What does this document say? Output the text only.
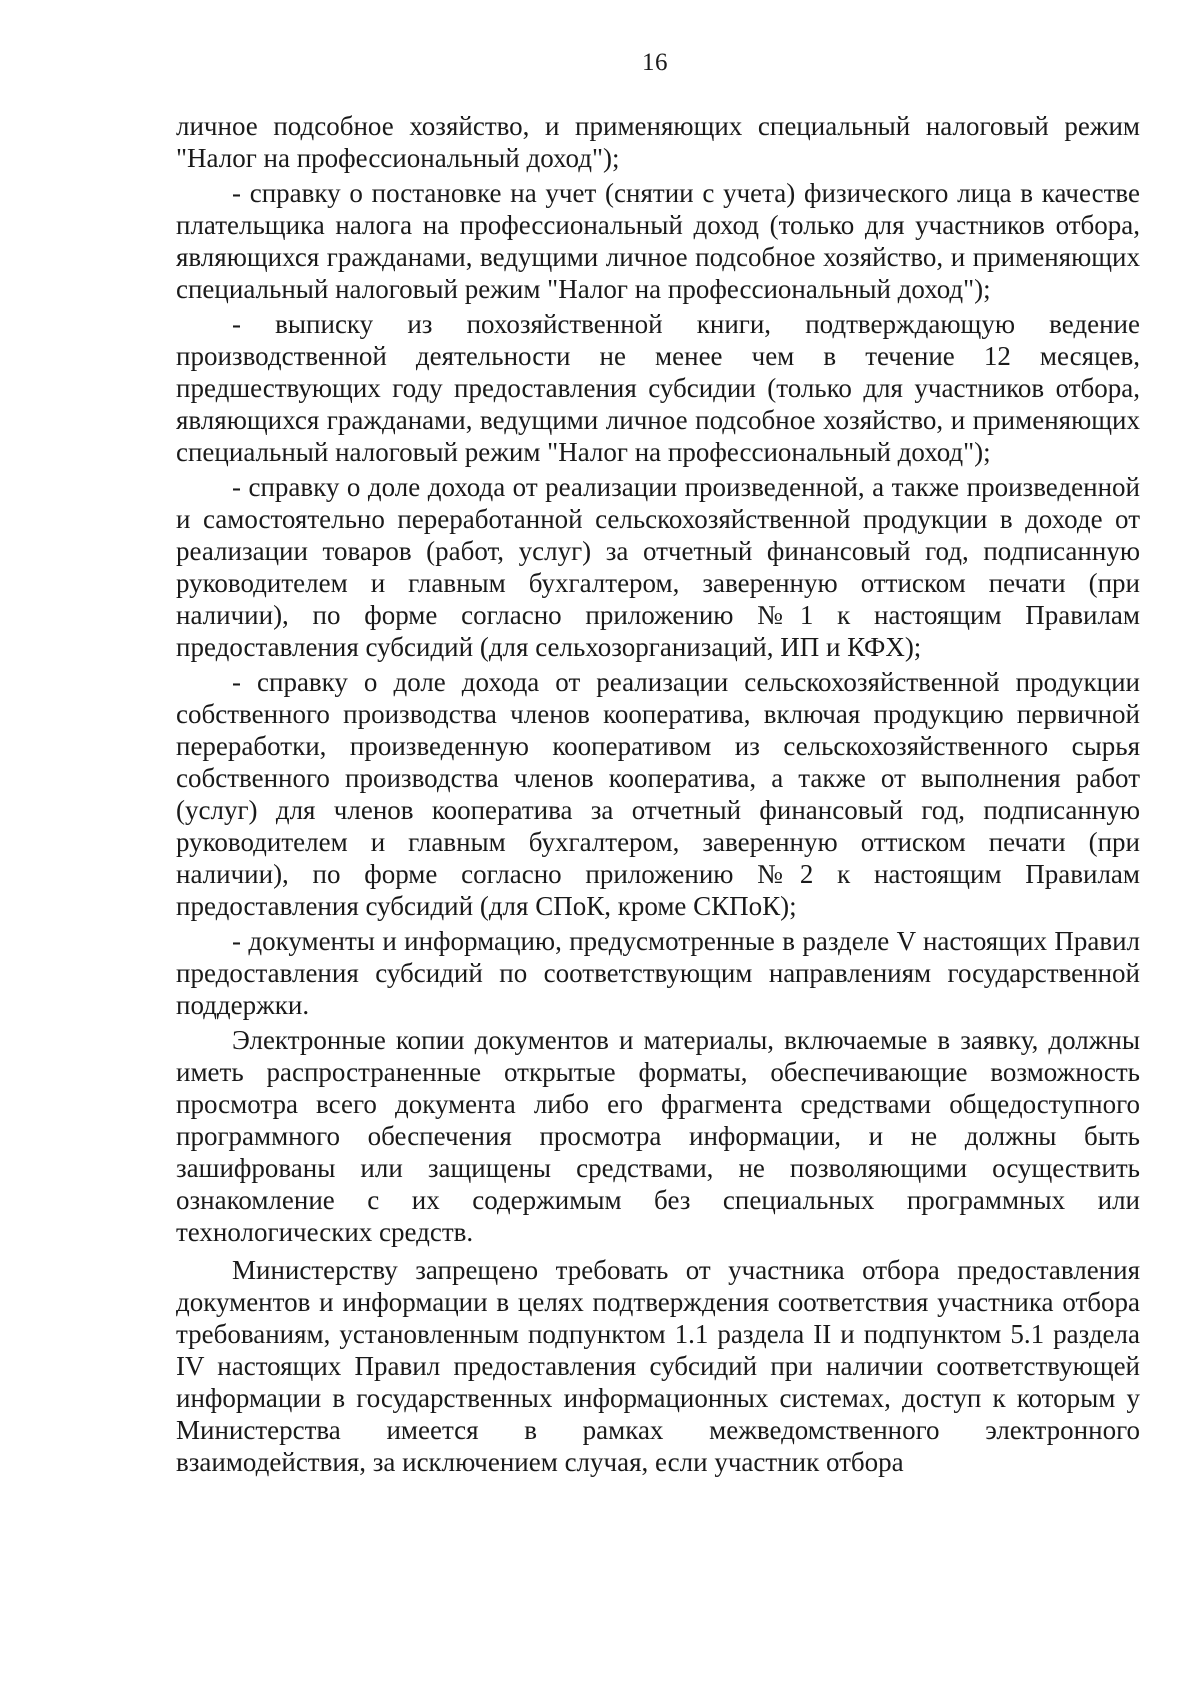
16

личное подсобное хозяйство, и применяющих специальный налоговый режим "Налог на профессиональный доход");

- справку о постановке на учет (снятии с учета) физического лица в качестве плательщика налога на профессиональный доход (только для участников отбора, являющихся гражданами, ведущими личное подсобное хозяйство, и применяющих специальный налоговый режим "Налог на профессиональный доход");

- выписку из похозяйственной книги, подтверждающую ведение производственной деятельности не менее чем в течение 12 месяцев, предшествующих году предоставления субсидии (только для участников отбора, являющихся гражданами, ведущими личное подсобное хозяйство, и применяющих специальный налоговый режим "Налог на профессиональный доход");

- справку о доле дохода от реализации произведенной, а также произведенной и самостоятельно переработанной сельскохозяйственной продукции в доходе от реализации товаров (работ, услуг) за отчетный финансовый год, подписанную руководителем и главным бухгалтером, заверенную оттиском печати (при наличии), по форме согласно приложению №1 к настоящим Правилам предоставления субсидий (для сельхозорганизаций, ИП и КФХ);

- справку о доле дохода от реализации сельскохозяйственной продукции собственного производства членов кооператива, включая продукцию первичной переработки, произведенную кооперативом из сельскохозяйственного сырья собственного производства членов кооператива, а также от выполнения работ (услуг) для членов кооператива за отчетный финансовый год, подписанную руководителем и главным бухгалтером, заверенную оттиском печати (при наличии), по форме согласно приложению №2 к настоящим Правилам предоставления субсидий (для СПоК, кроме СКПоК);

- документы и информацию, предусмотренные в разделе V настоящих Правил предоставления субсидий по соответствующим направлениям государственной поддержки.

Электронные копии документов и материалы, включаемые в заявку, должны иметь распространенные открытые форматы, обеспечивающие возможность просмотра всего документа либо его фрагмента средствами общедоступного программного обеспечения просмотра информации, и не должны быть зашифрованы или защищены средствами, не позволяющими осуществить ознакомление с их содержимым без специальных программных или технологических средств.

Министерству запрещено требовать от участника отбора предоставления документов и информации в целях подтверждения соответствия участника отбора требованиям, установленным подпунктом 1.1 раздела II и подпунктом 5.1 раздела IV настоящих Правил предоставления субсидий при наличии соответствующей информации в государственных информационных системах, доступ к которым у Министерства имеется в рамках межведомственного электронного взаимодействия, за исключением случая, если участник отбора
